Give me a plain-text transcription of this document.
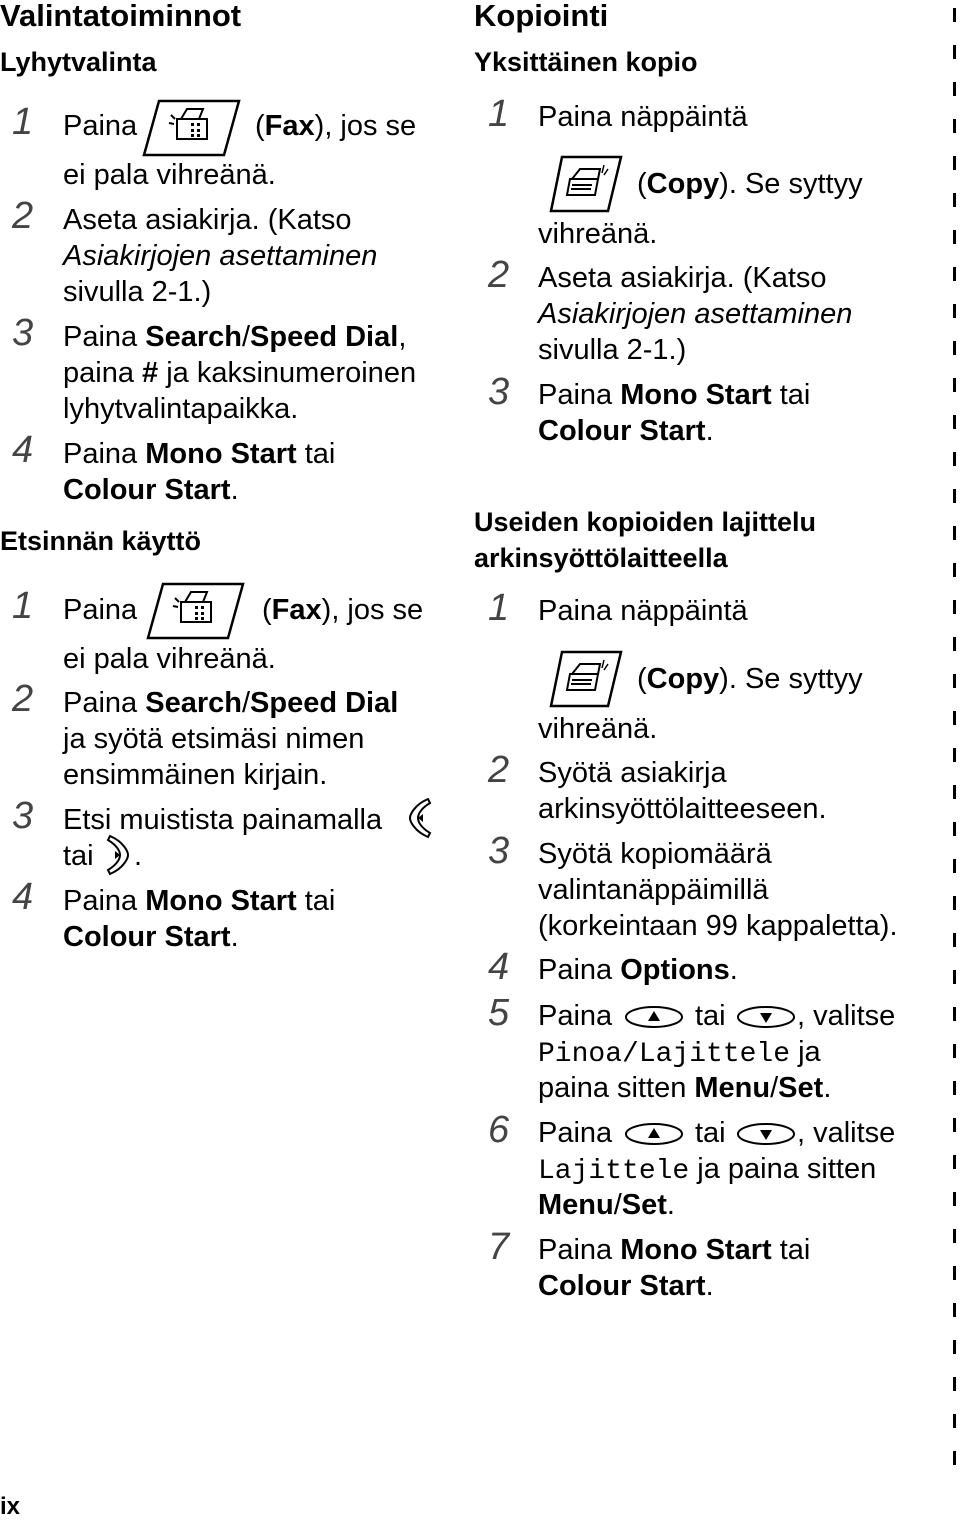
Valintatoiminnot
Lyhytvalinta
1 Paina	(Fax), jos se
ei pala vihreänä.
2 Aseta asiakirja. (Katso
Asiakirjojen asettaminen
sivulla 2-1.)
3 Paina Search/Speed Dial,
paina # ja kaksinumeroinen
lyhytvalintapaikka.
4 Paina Mono Start tai
Colour Start.
Etsinnän käyttö
1 Paina	(Fax), jos se
ei pala vihreänä.
2 Paina Search/Speed Dial
ja syötä etsimäsi nimen
ensimmäinen kirjain.
3 Etsi muistista painamalla
tai .
4 Paina Mono Start tai
Colour Start.
ix
Kopiointi
Yksittäinen kopio
1 Paina näppäintä
(Copy). Se syttyy
vihreänä.
2 Aseta asiakirja. (Katso
Asiakirjojen asettaminen
sivulla 2-1.)
3 Paina Mono Start tai
Colour Start.
Useiden kopioiden lajittelu
arkinsyöttölaitteella
1 Paina näppäintä
(Copy). Se syttyy
vihreänä.
2 Syötä asiakirja
arkinsyöttölaitteeseen.
3 Syötä kopiomäärä
valintanäppäimillä
(korkeintaan 99 kappaletta).
4 Paina Options.
5 Paina	tai , valitse
Pinoa/Lajittele ja
paina sitten Menu/Set.
6 Paina	tai , valitse
Lajittele ja paina sitten
Menu/Set.
7 Paina Mono Start tai
Colour Start.
